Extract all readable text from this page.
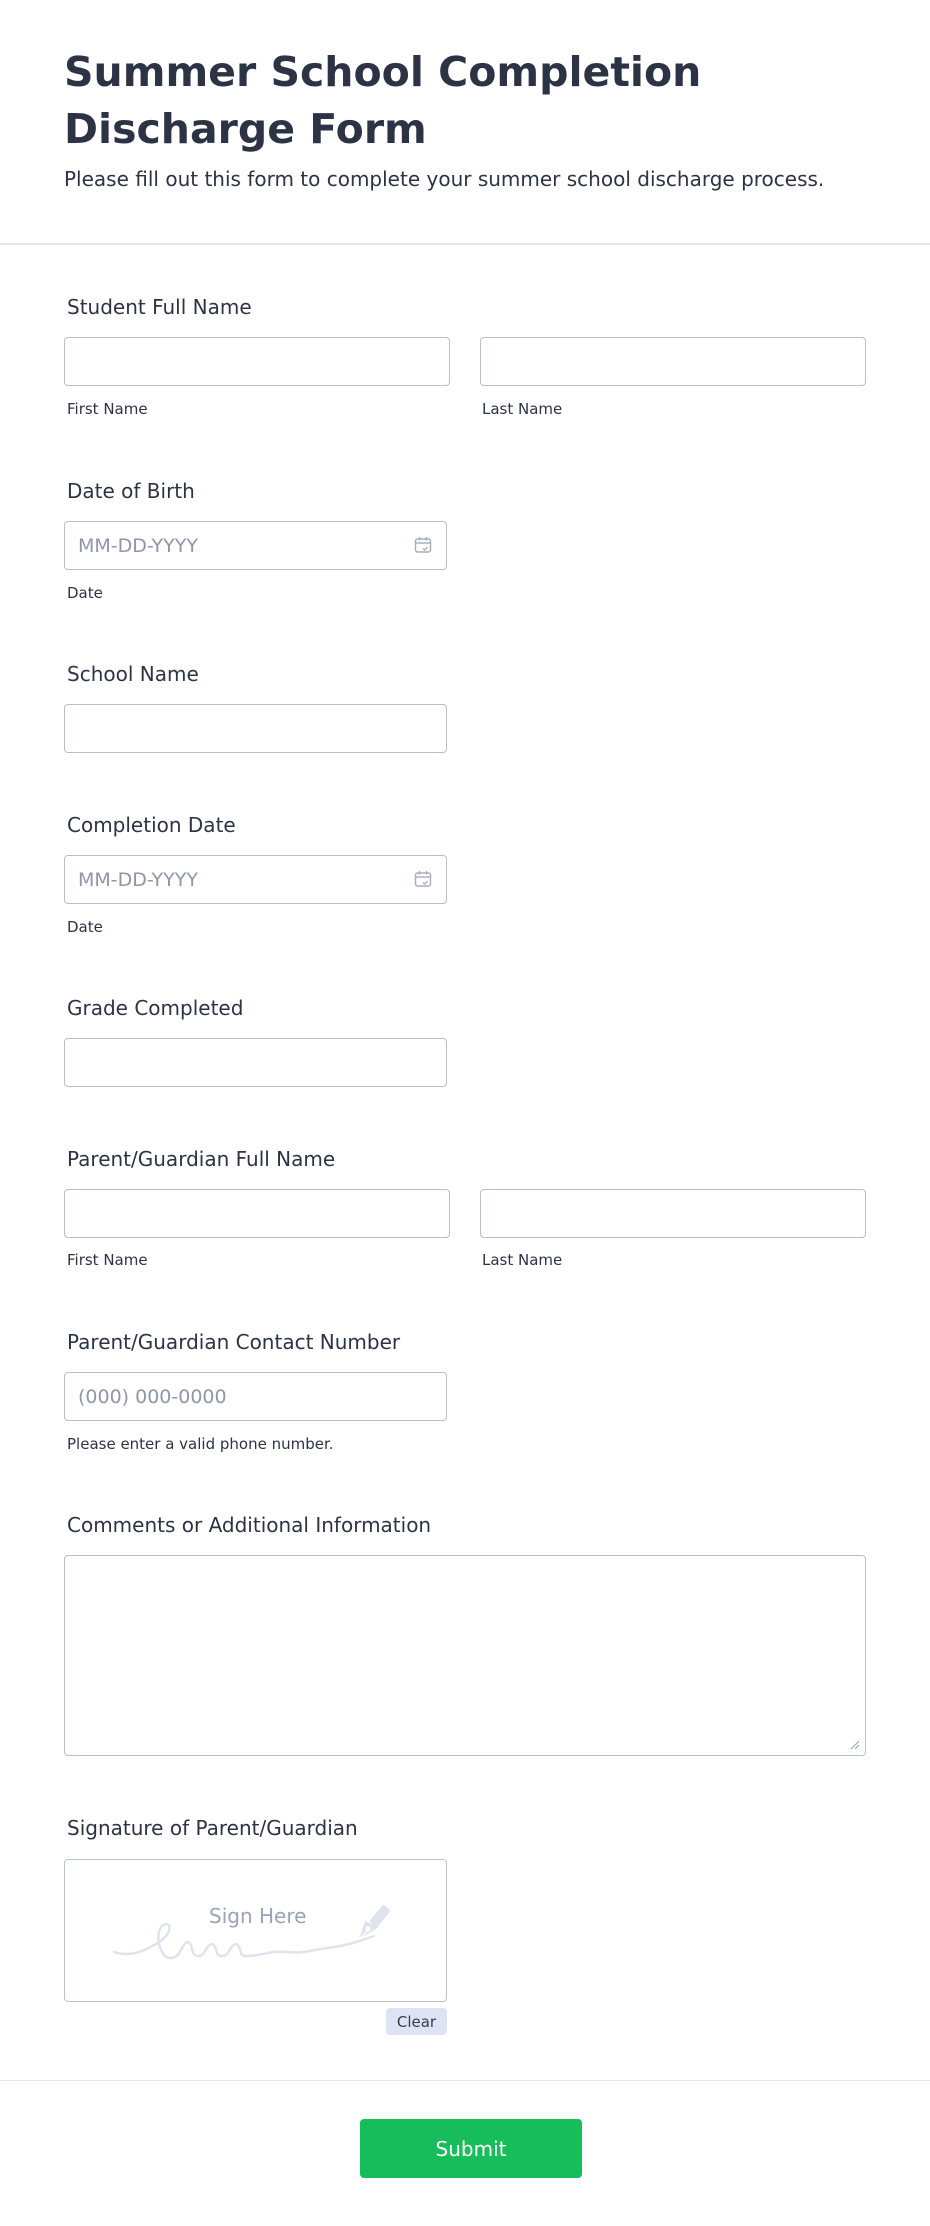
Summer School Completion Discharge Form

Please fill out this form to complete your summer school discharge process.

Student Full Name
First Name	Last Name
Date of Birth
MM-DD-YYYY
Date
School Name
Completion Date
MM-DD-YYYY
Date
Grade Completed
Parent/Guardian Full Name
First Name	Last Name
Parent/Guardian Contact Number
(000) 000-0000
Please enter a valid phone number.
Comments or Additional Information
Signature of Parent/Guardian
Sign Here
Clear
Submit
